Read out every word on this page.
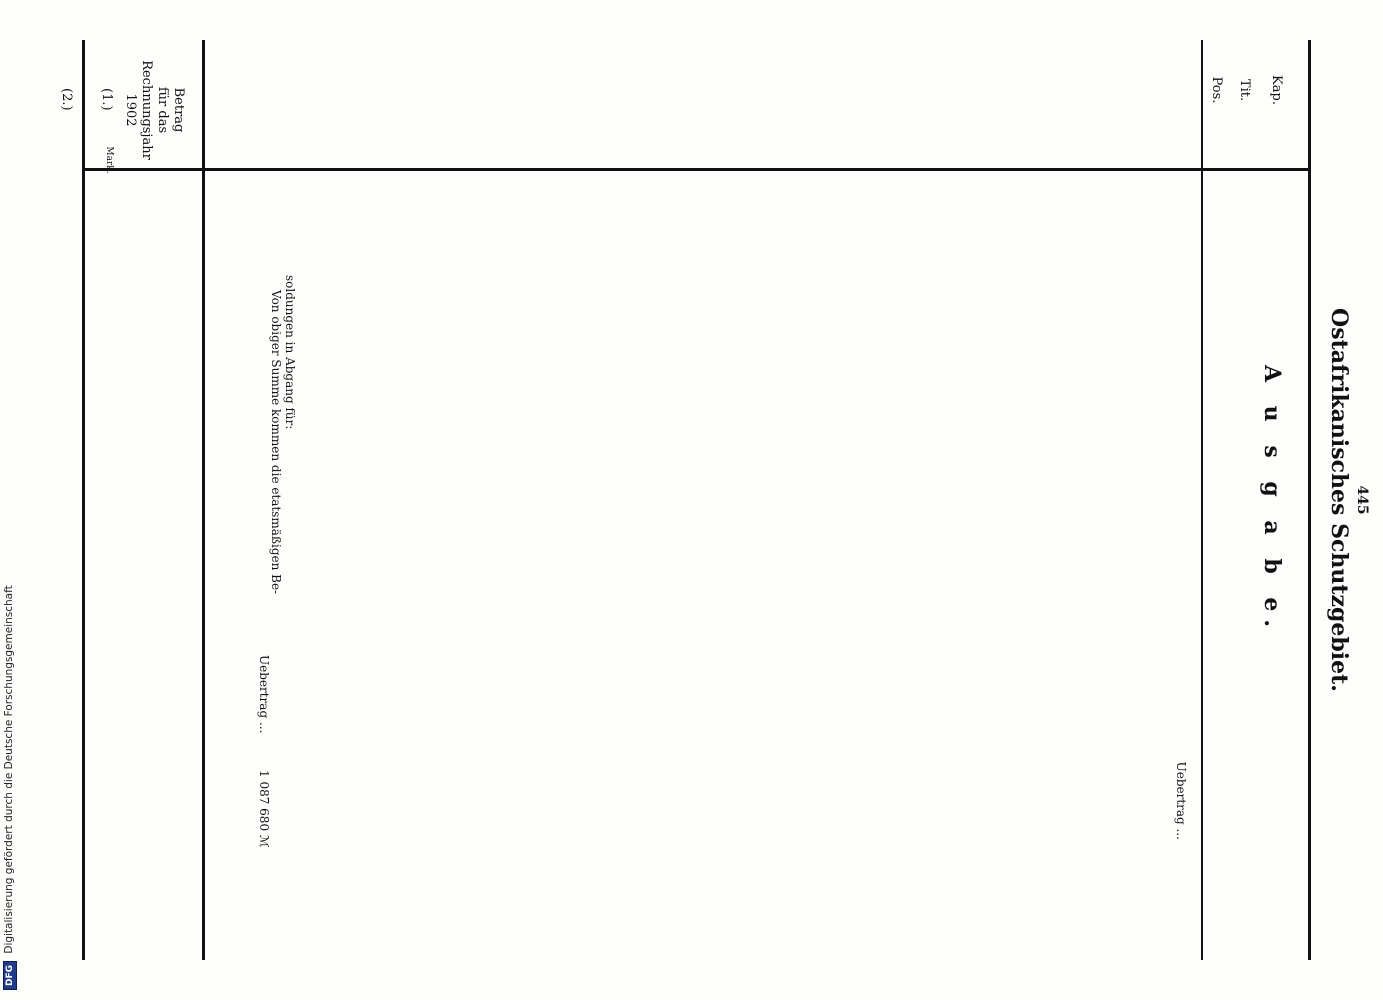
445
Ostafrikanisches Schutzgebiet.
Kap.
Tit.
Pos.
Betrag
für das
Rechnungsjahr
1902
Mark.
A u s g a b e.
(2.) (1.)
Uebertrag ...
Uebertrag ...
1 087 680 ℳ
Von obiger Summe kommen die etatsmäßigen Be- soldungen in Abgang für:
DFG Digitalisierung gefördert durch die Deutsche Forschungsgemeinschaft
